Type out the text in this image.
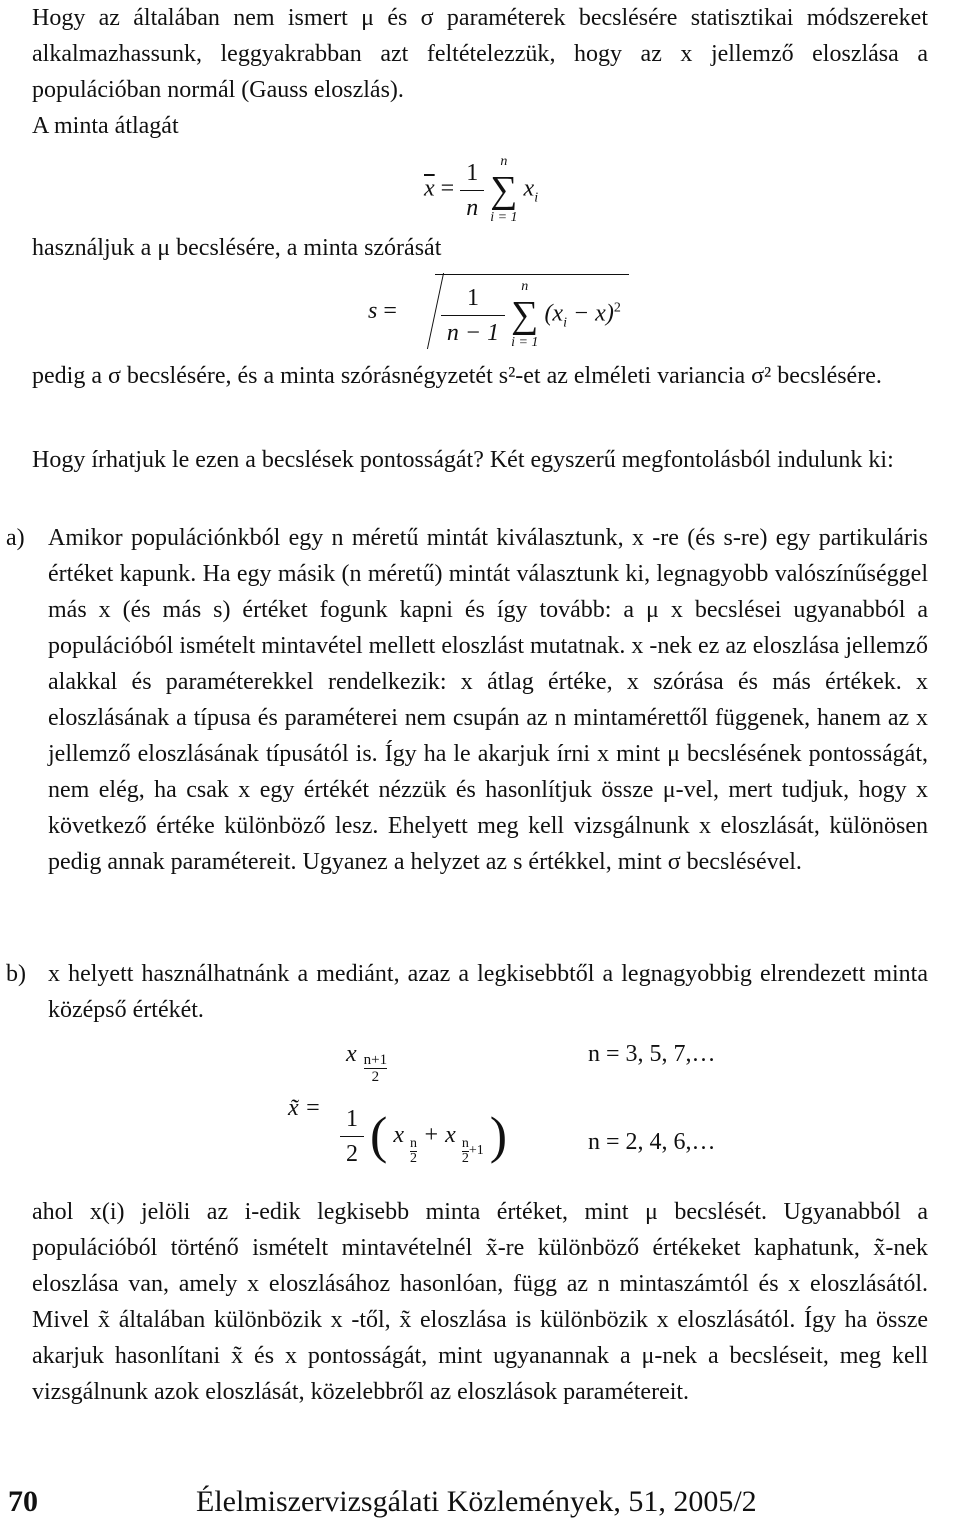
Hogy az általában nem ismert μ és σ paraméterek becslésére statisztikai módszereket alkalmazhassunk, leggyakrabban azt feltételezzük, hogy az x jellemző eloszlása a populációban normál (Gauss eloszlás).

A minta átlagát

$\overline{x} = \frac{1}{n}$
	n
∑
i = 1
$x_i$

használjuk a μ becslésére, a minta szórását

$s = \frac{1}{n - 1}$
	n
∑
i = 1
$(x_i - x)^2$

pedig a σ becslésére, és a minta szórásnégyzetét s²-et az elméleti variancia σ² becslésére.

Hogy írhatjuk le ezen a becslések pontosságát? Két egyszerű megfontolásból indulunk ki:

a) Amikor populációnkból egy n méretű mintát kiválasztunk, x -re (és s-re) egy partikuláris értéket kapunk. Ha egy másik (n méretű) mintát választunk ki, legnagyobb valószínűséggel más x (és más s) értéket fogunk kapni és így tovább: a μ x becslései ugyanabból a populációból ismételt mintavétel mellett eloszlást mutatnak. x -nek ez az eloszlása jellemző alakkal és paraméterekkel rendelkezik: x átlag értéke, x szórása és más értékek. x eloszlásának a típusa és paraméterei nem csupán az n mintamérettől függenek, hanem az x jellemző eloszlásának típusától is. Így ha le akarjuk írni x mint μ becslésének pontosságát, nem elég, ha csak x egy értékét nézzük és hasonlítjuk össze μ-vel, mert tudjuk, hogy x következő értéke különböző lesz. Ehelyett meg kell vizsgálnunk x eloszlását, különösen pedig annak paramétereit. Ugyanez a helyzet az s értékkel, mint σ becslésével.

b) x helyett használhatnánk a mediánt, azaz a legkisebbtől a legnagyobbig elrendezett minta középső értékét.

x̃ =
x $\frac{n+1}{2}$	n = 3, 5, 7,…
$\frac{1}{2}$ ( x
$\frac{n}{2}$
+ x
$\frac{n}{2} _{+1}$ )	n = 2, 4, 6,…

ahol x(i) jelöli az i-edik legkisebb minta értéket, mint μ becslését. Ugyanabból a populációból történő ismételt mintavételnél x̃-re különböző értékeket kaphatunk, x̃-nek eloszlása van, amely x eloszlásához hasonlóan, függ az n mintaszámtól és x eloszlásától. Mivel x̃ általában különbözik x -től, x̃ eloszlása is különbözik x eloszlásától. Így ha össze akarjuk hasonlítani x̃ és x pontosságát, mint ugyanannak a μ-nek a becsléseit, meg kell vizsgálnunk azok eloszlását, közelebbről az eloszlások paramétereit.

70	Élelmiszervizsgálati Közlemények, 51, 2005/2
